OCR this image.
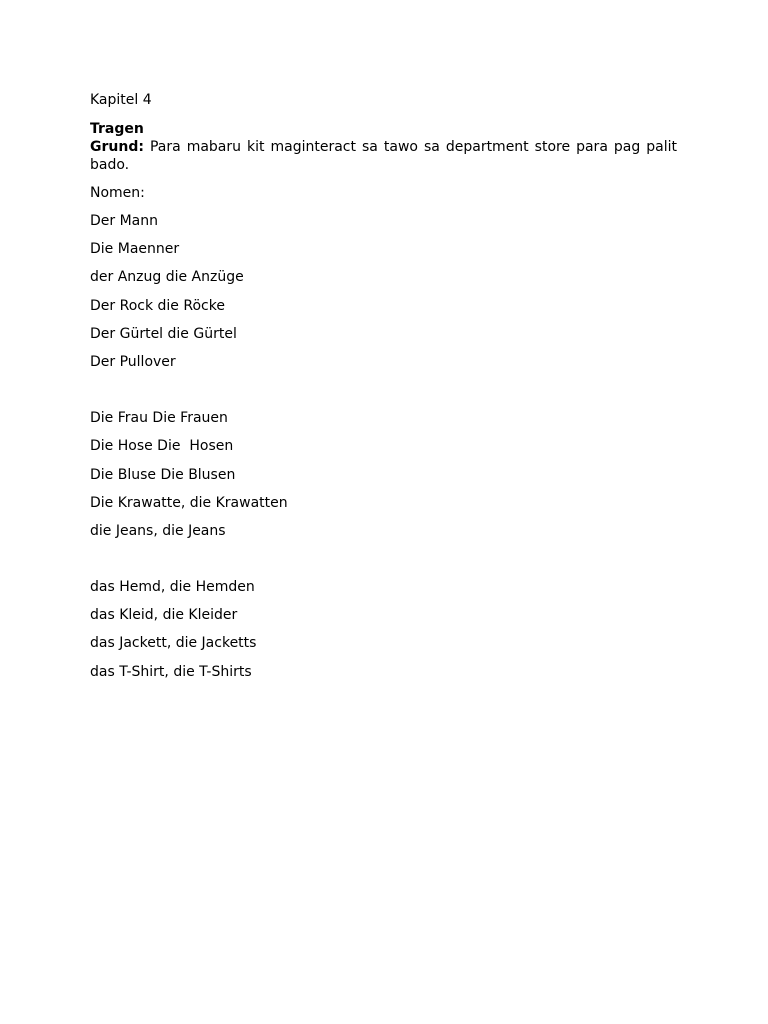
Kapitel 4
Tragen
Grund: Para mabaru kit maginteract sa tawo sa department store para pag palit bado.
Nomen:
Der Mann
Die Maenner
der Anzug die Anzüge
Der Rock die Röcke
Der Gürtel die Gürtel
Der Pullover
Die Frau Die Frauen
Die Hose Die  Hosen
Die Bluse Die Blusen
Die Krawatte, die Krawatten
die Jeans, die Jeans
das Hemd, die Hemden
das Kleid, die Kleider
das Jackett, die Jacketts
das T-Shirt, die T-Shirts
